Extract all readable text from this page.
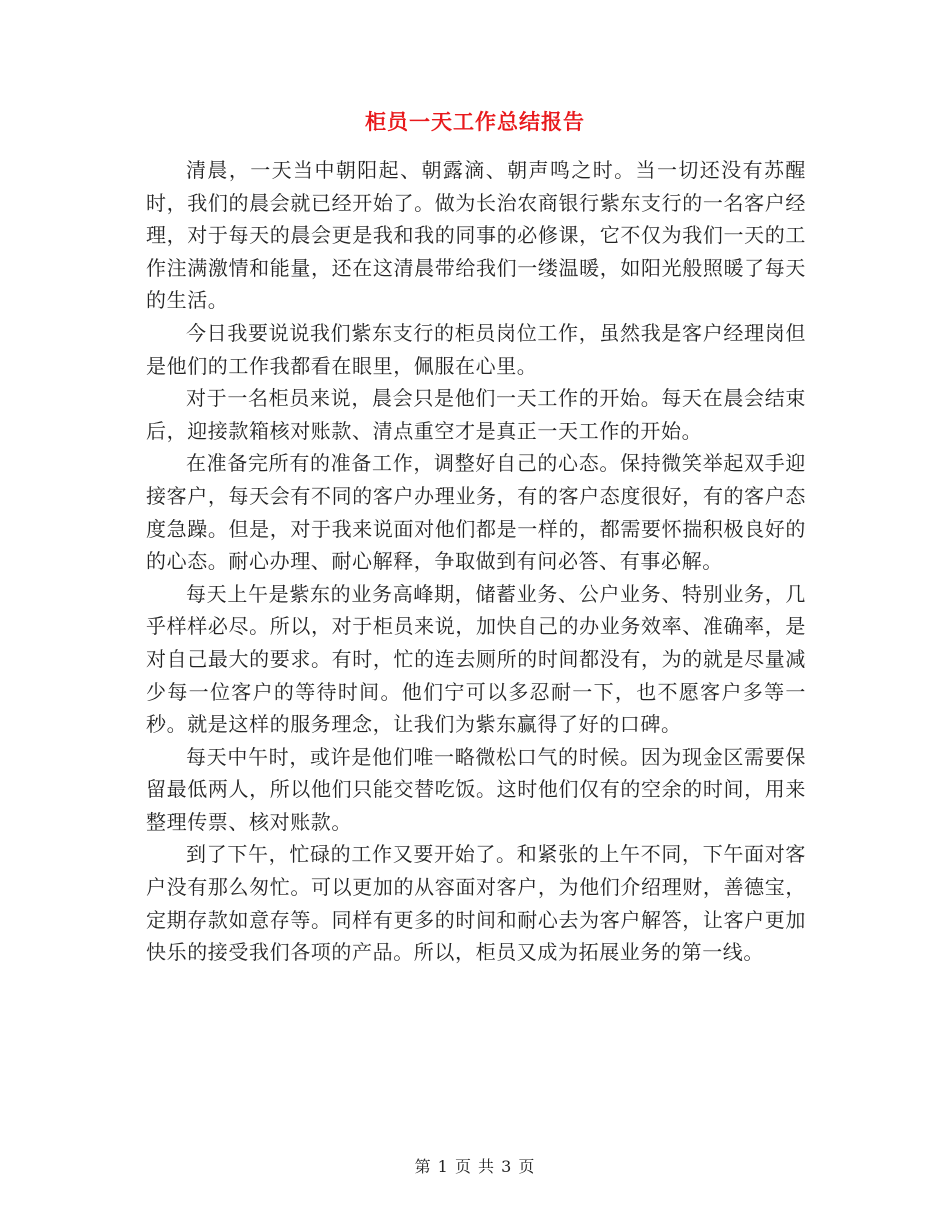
柜员一天工作总结报告

清晨，一天当中朝阳起、朝露滴、朝声鸣之时。当一切还没有苏醒时，我们的晨会就已经开始了。做为长治农商银行紫东支行的一名客户经理，对于每天的晨会更是我和我的同事的必修课，它不仅为我们一天的工作注满激情和能量，还在这清晨带给我们一缕温暖，如阳光般照暖了每天的生活。

今日我要说说我们紫东支行的柜员岗位工作，虽然我是客户经理岗但是他们的工作我都看在眼里，佩服在心里。

对于一名柜员来说，晨会只是他们一天工作的开始。每天在晨会结束后，迎接款箱核对账款、清点重空才是真正一天工作的开始。

在准备完所有的准备工作，调整好自己的心态。保持微笑举起双手迎接客户，每天会有不同的客户办理业务，有的客户态度很好，有的客户态度急躁。但是，对于我来说面对他们都是一样的，都需要怀揣积极良好的的心态。耐心办理、耐心解释，争取做到有问必答、有事必解。

每天上午是紫东的业务高峰期，储蓄业务、公户业务、特别业务，几乎样样必尽。所以，对于柜员来说，加快自己的办业务效率、准确率，是对自己最大的要求。有时，忙的连去厕所的时间都没有，为的就是尽量减少每一位客户的等待时间。他们宁可以多忍耐一下，也不愿客户多等一秒。就是这样的服务理念，让我们为紫东赢得了好的口碑。

每天中午时，或许是他们唯一略微松口气的时候。因为现金区需要保留最低两人，所以他们只能交替吃饭。这时他们仅有的空余的时间，用来整理传票、核对账款。

到了下午，忙碌的工作又要开始了。和紧张的上午不同，下午面对客户没有那么匆忙。可以更加的从容面对客户，为他们介绍理财，善德宝，定期存款如意存等。同样有更多的时间和耐心去为客户解答，让客户更加快乐的接受我们各项的产品。所以，柜员又成为拓展业务的第一线。

第 1 页 共 3 页
